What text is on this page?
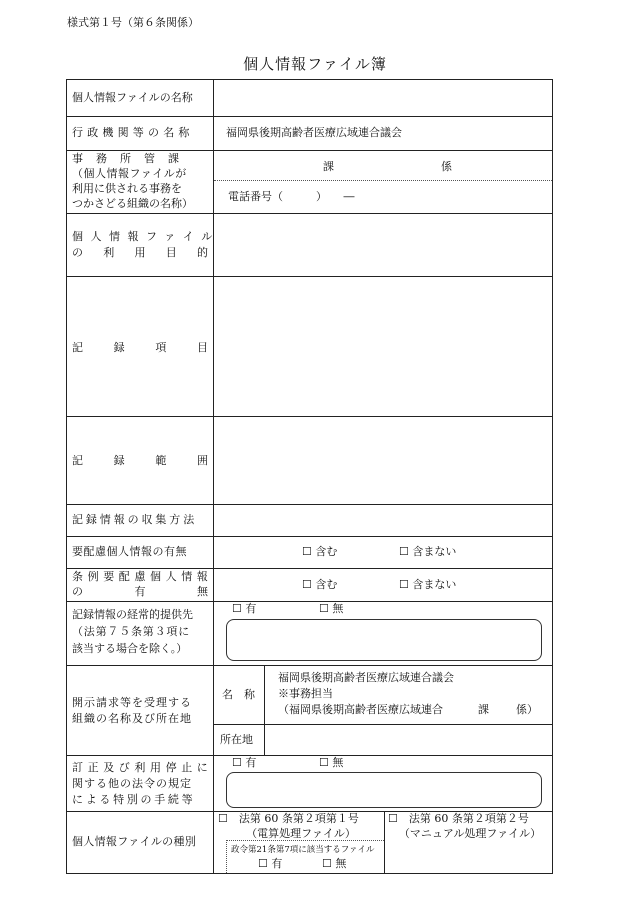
様式第１号（第６条関係）
個人情報ファイル簿
個人情報ファイルの名称
行政機関等の名称	福岡県後期高齢者医療広域連合議会
事務所管課
（個人情報ファイルが
利用に供される事務を
つかさどる組織の名称）
課	係
電話番号（　　　）　　―
個人情報ファイル
の 利 用 目 的
記	録	項	目
記	録	範	囲
記録情報の収集方法
要配慮個人情報の有無	☐ 含む	☐ 含まない
条例要配慮個人情報
の	有	無
☐ 含む	☐ 含まない
記録情報の経常的提供先
（法第７５条第３項に
該当する場合を除く。）
☐ 有	☐ 無
開示請求等を受理する
組織の名称及び所在地
名　称
福岡県後期高齢者医療広域連合議会
※事務担当
（福岡県後期高齢者医療広域連合	課 係）
所在地
訂正及び利用停止に
関する他の法令の規定
による特別の手続等
☐ 有	☐ 無
個人情報ファイルの種別
☐　法第 60 条第２項第１号
（電算処理ファイル）
☐　法第 60 条第２項第２号
（マニュアル処理ファイル）
政令第21条第7項に該当するファイル
☐ 有	☐ 無
